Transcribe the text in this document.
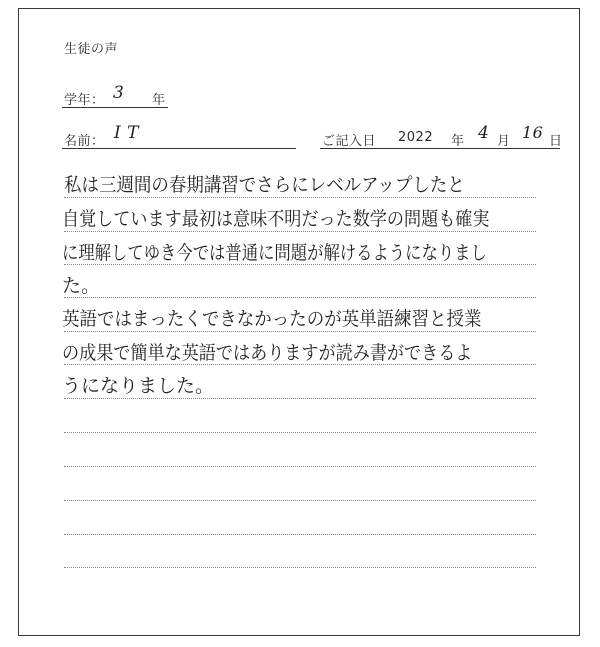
生徒の声
学年： 3 年
名前： I T	ご記入日 2022 年 4 月 16 日
私は三週間の春期講習でさらにレベルアップしたと
自覚しています最初は意味不明だった数学の問題も確実
に理解してゆき今では普通に問題が解けるようになりまし
た。
英語ではまったくできなかったのが英単語練習と授業
の成果で簡単な英語ではありますが読み書ができるよ
うになりました。
